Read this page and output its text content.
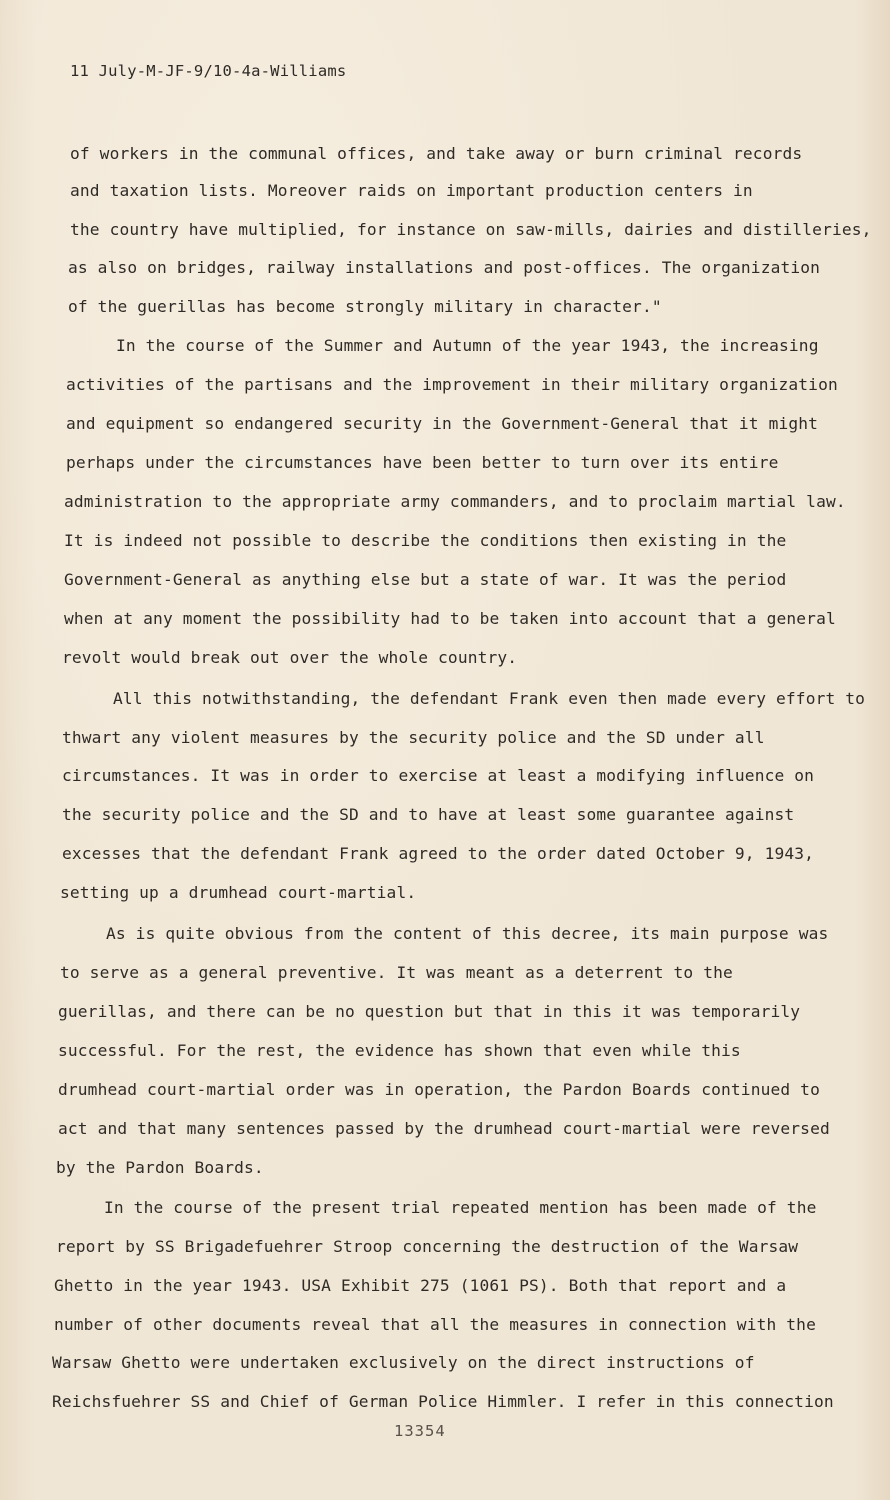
11 July-M-JF-9/10-4a-Williams
of workers in the communal offices, and take away or burn criminal records
and taxation lists. Moreover raids on important production centers in
the country have multiplied, for instance on saw-mills, dairies and distilleries,
as also on bridges, railway installations and post-offices. The organization
of the guerillas has become strongly military in character."
In the course of the Summer and Autumn of the year 1943, the increasing
activities of the partisans and the improvement in their military organization
and equipment so endangered security in the Government-General that it might
perhaps under the circumstances have been better to turn over its entire
administration to the appropriate army commanders, and to proclaim martial law.
It is indeed not possible to describe the conditions then existing in the
Government-General as anything else but a state of war. It was the period
when at any moment the possibility had to be taken into account that a general
revolt would break out over the whole country.
All this notwithstanding, the defendant Frank even then made every effort to
thwart any violent measures by the security police and the SD under all
circumstances. It was in order to exercise at least a modifying influence on
the security police and the SD and to have at least some guarantee against
excesses that the defendant Frank agreed to the order dated October 9, 1943,
setting up a drumhead court-martial.
As is quite obvious from the content of this decree, its main purpose was
to serve as a general preventive. It was meant as a deterrent to the
guerillas, and there can be no question but that in this it was temporarily
successful. For the rest, the evidence has shown that even while this
drumhead court-martial order was in operation, the Pardon Boards continued to
act and that many sentences passed by the drumhead court-martial were reversed
by the Pardon Boards.
In the course of the present trial repeated mention has been made of the
report by SS Brigadefuehrer Stroop concerning the destruction of the Warsaw
Ghetto in the year 1943. USA Exhibit 275 (1061 PS). Both that report and a
number of other documents reveal that all the measures in connection with the
Warsaw Ghetto were undertaken exclusively on the direct instructions of
Reichsfuehrer SS and Chief of German Police Himmler. I refer in this connection
13354
